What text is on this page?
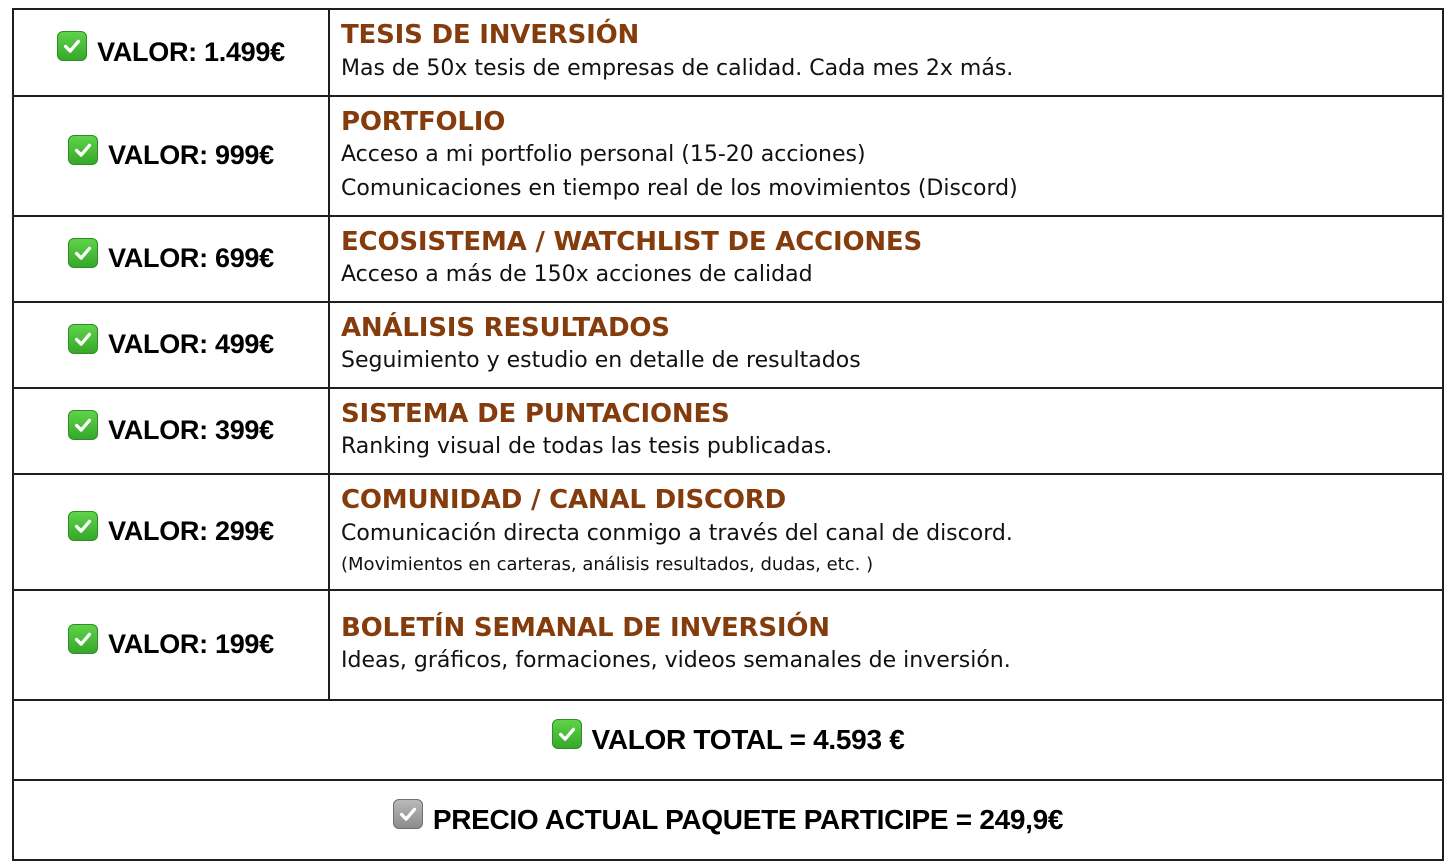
VALOR: 1.499€	TESIS DE INVERSIÓN
Mas de 50x tesis de empresas de calidad. Cada mes 2x más.

VALOR: 999€	PORTFOLIO
Acceso a mi portfolio personal (15-20 acciones)
Comunicaciones en tiempo real de los movimientos (Discord)

VALOR: 699€	ECOSISTEMA / WATCHLIST DE ACCIONES
Acceso a más de 150x acciones de calidad

VALOR: 499€	ANÁLISIS RESULTADOS
Seguimiento y estudio en detalle de resultados

VALOR: 399€	SISTEMA DE PUNTACIONES
Ranking visual de todas las tesis publicadas.

VALOR: 299€	COMUNIDAD / CANAL DISCORD
Comunicación directa conmigo a través del canal de discord.
(Movimientos en carteras, análisis resultados, dudas, etc. )

VALOR: 199€	BOLETÍN SEMANAL DE INVERSIÓN
Ideas, gráficos, formaciones, videos semanales de inversión.

VALOR TOTAL = 4.593 €	

PRECIO ACTUAL PAQUETE PARTICIPE = 249,9€	
